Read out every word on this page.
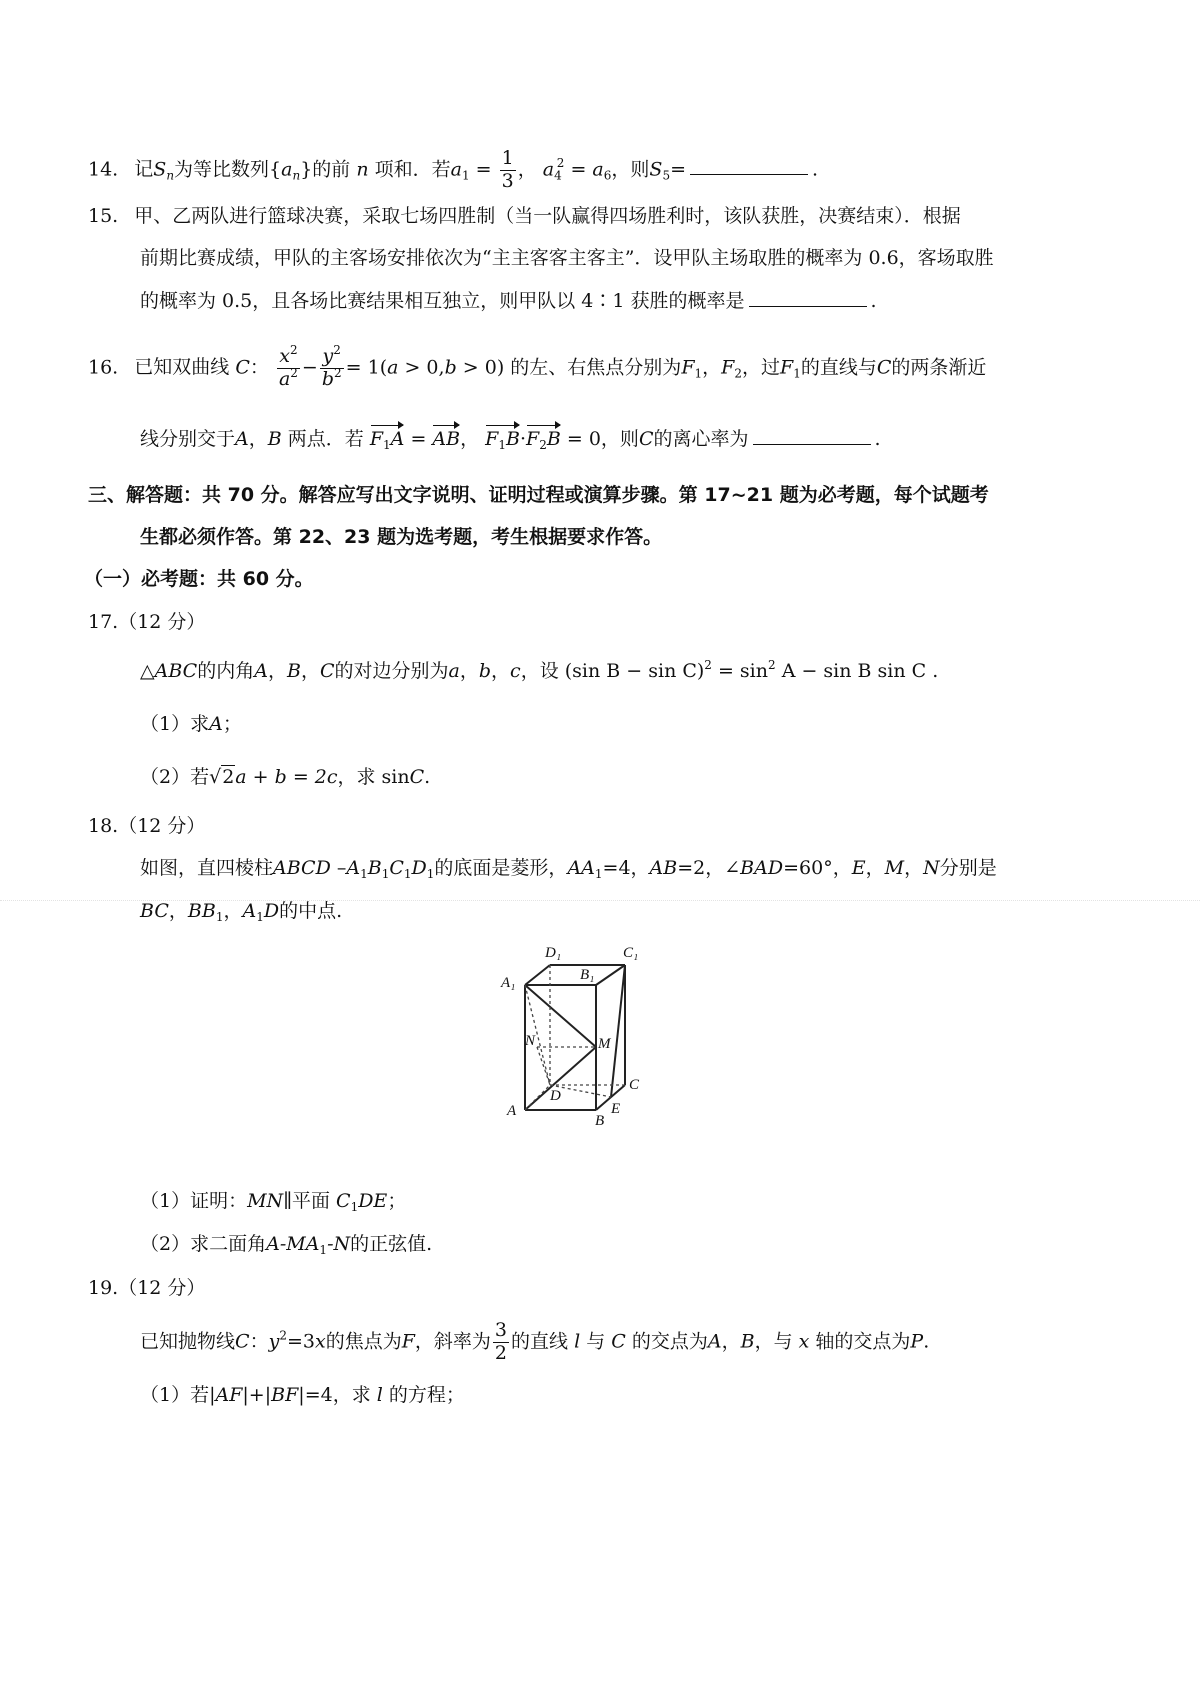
14. 记$S_n$为等比数列$\{a_n\}$的前 n 项和．若$a_1 = \frac{1}{3}$ ， $a_4^2 = a_6$，则$S_5=$	.
15. 甲、乙两队进行篮球决赛，采取七场四胜制（当一队赢得四场胜利时，该队获胜，决赛结束）．根据
前期比赛成绩，甲队的主客场安排依次为“主主客客主客主”．设甲队主场取胜的概率为 0.6，客场取胜
的概率为 0.5，且各场比赛结果相互独立，则甲队以 4∶1 获胜的概率是	.
16. 已知双曲线 C： $\frac{x^2}{a^2} - \frac{y^2}{b^2} = 1(a > 0,b > 0)$ 的左、右焦点分别为$F_1$，$F_2$，过$F_1$的直线与C的两条渐近
线分别交于A，B 两点．若 $F_1A$ = AB， $F_1B\cdot F_2B = 0$，则C的离心率为	.
三、解答题：共 70 分。解答应写出文字说明、证明过程或演算步骤。第 17~21 题为必考题，每个试题考
生都必须作答。第 22、23 题为选考题，考生根据要求作答。
（一）必考题：共 60 分。
17.（12 分）
△ABC的内角A，B，C的对边分别为a，b，c，设 (sin $B - \sin C)^2 = \sin^2 A - \sin B$ sin C .
（1）求A；
（2）若√2a + b = 2c，求 sinC.
18.（12 分）
如图，直四棱柱ABCD $-A_1B_1C_1D_1$的底面是菱形，$AA_1=4$，AB=2，∠BAD=60°，E，M，N分别是
BC，$BB_1$，$A_1D$的中点.
D₁	C₁
A₁	B₁
N	M
D
C
A
B
E
（1）证明：MN∥平面 $C_1DE$；
（2）求二面角$A-MA_1-N$的正弦值.
19.（12 分）
已知抛物线C：$y^2=3x$的焦点为F，斜率为 $\frac{3}{2}$ 的直线 l 与 C 的交点为A，B，与 x 轴的交点为P.
（1）若|AF|+|BF|=4，求 l 的方程；
